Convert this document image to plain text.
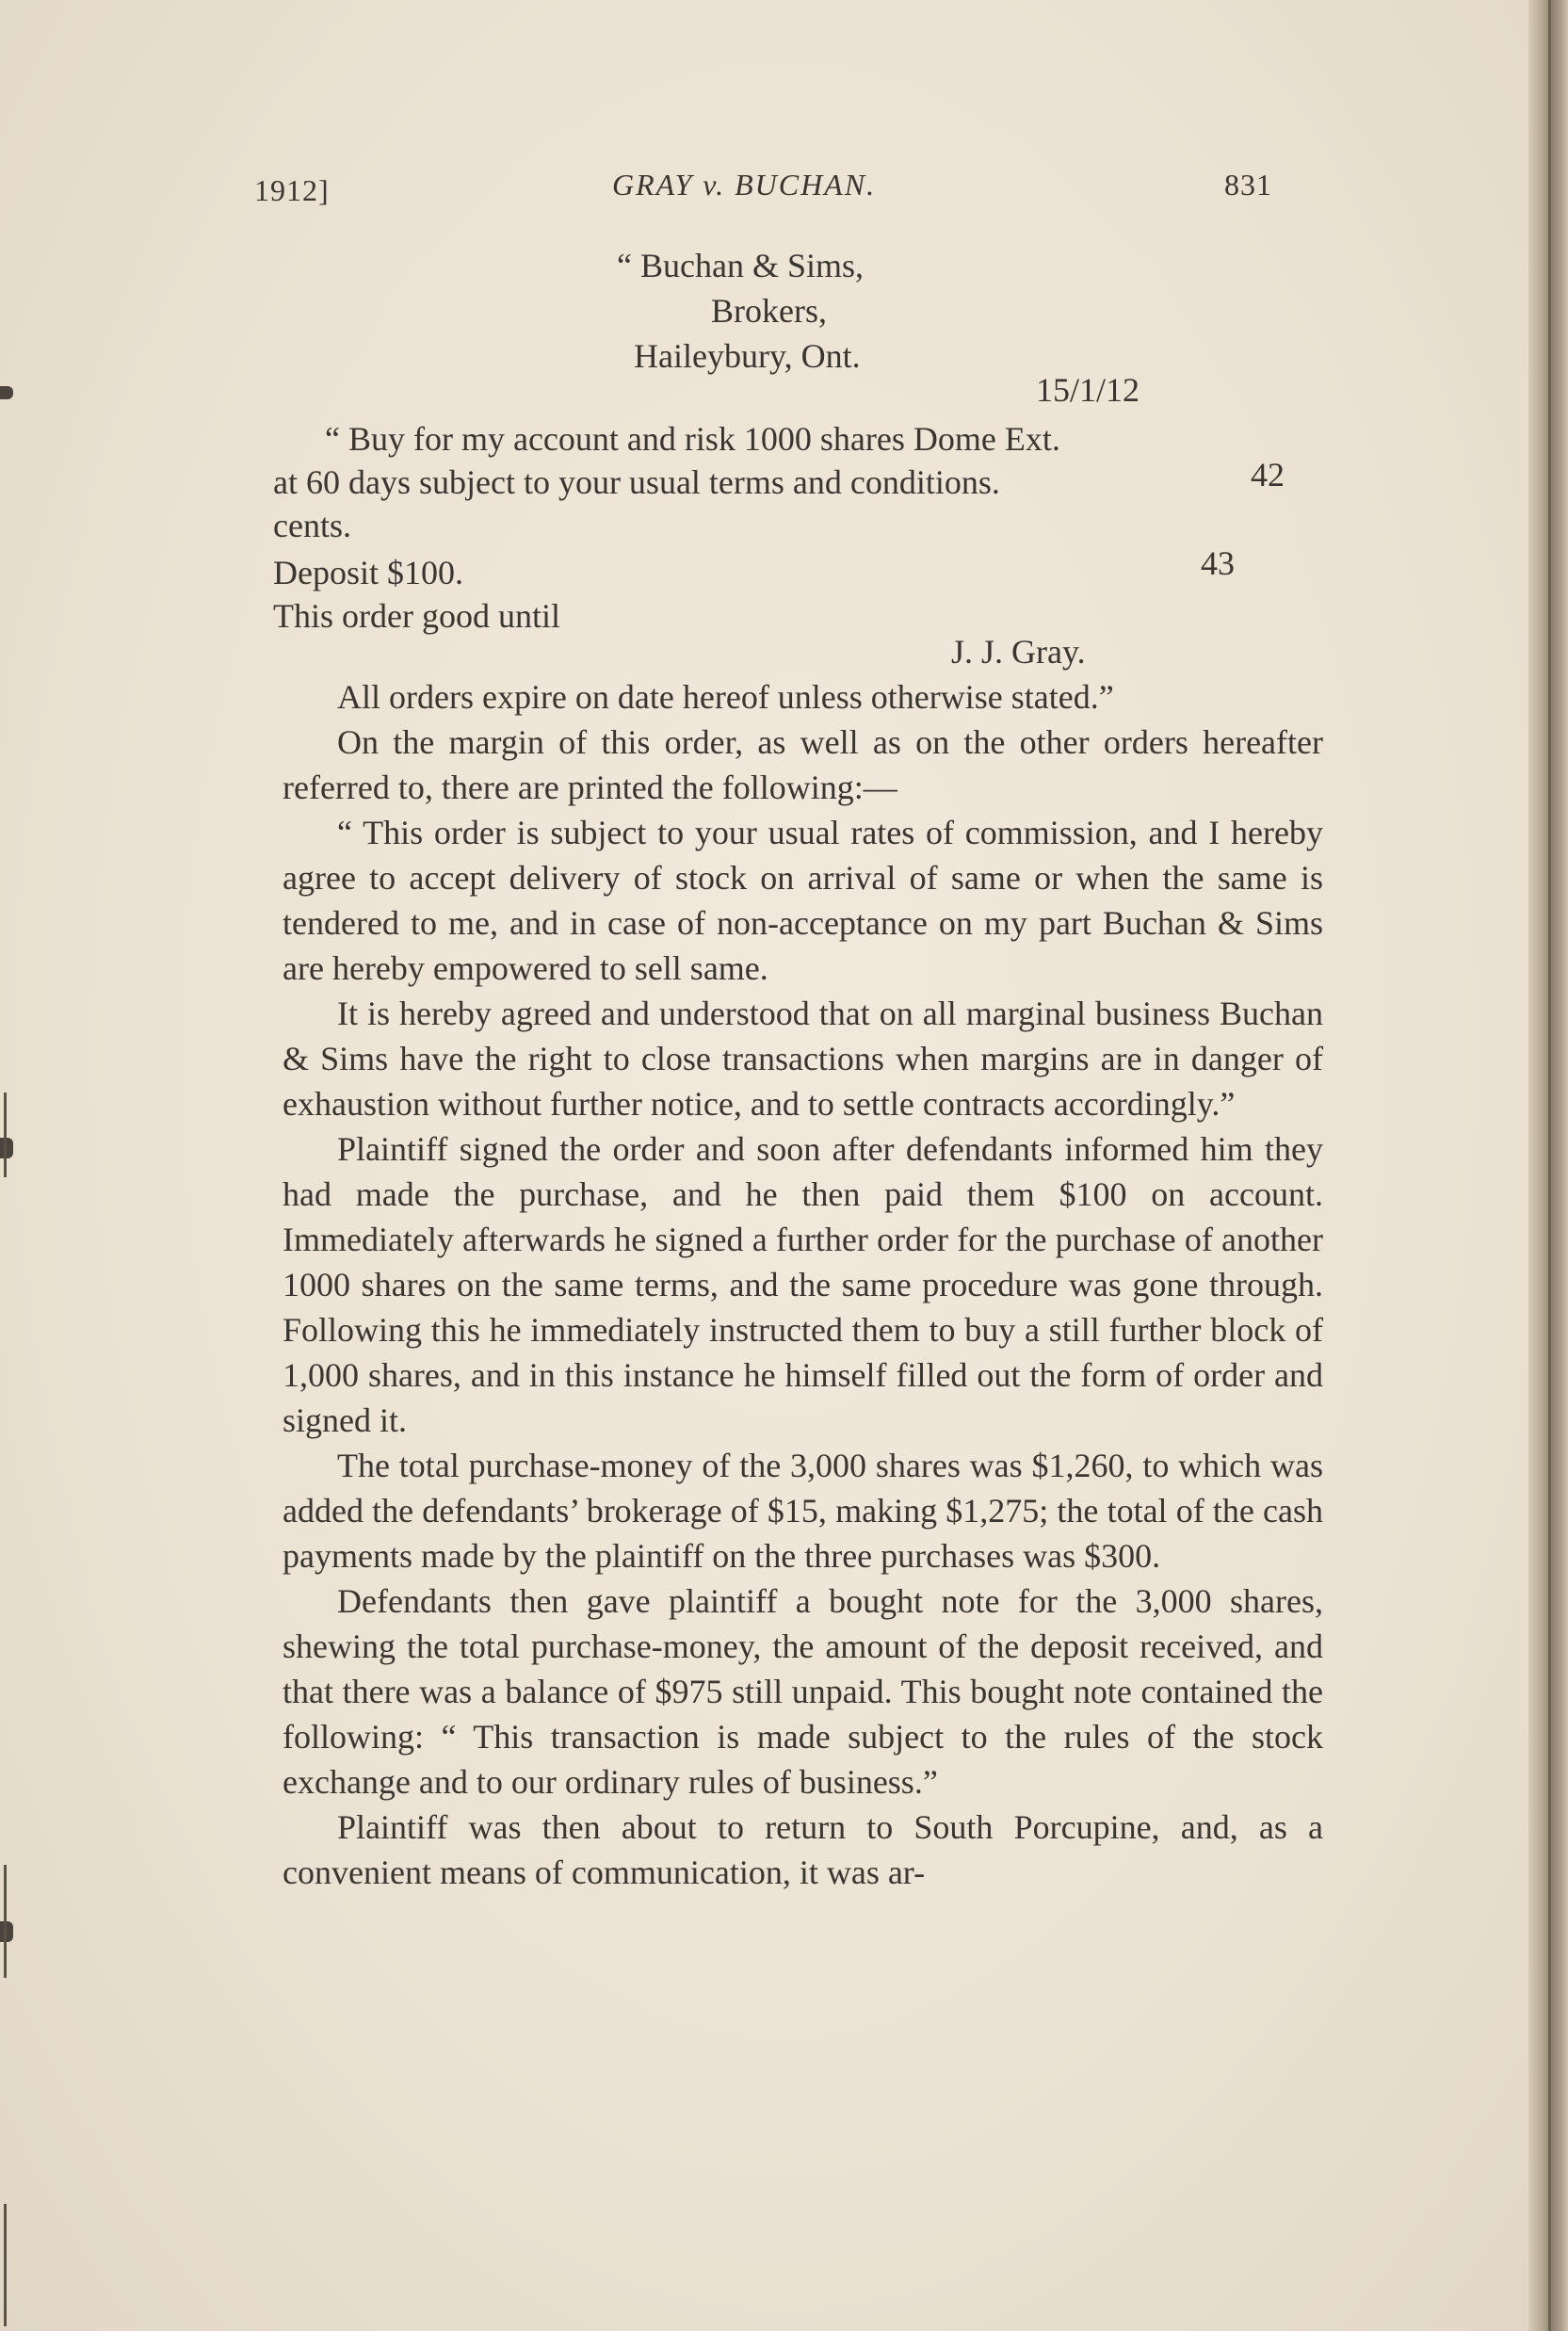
1912]	GRAY v. BUCHAN.	831
“ Buchan & Sims,
Brokers,
Haileybury, Ont.
15/1/12
“ Buy for my account and risk 1000 shares Dome Ext.
at 60 days subject to your usual terms and conditions.	42
cents.
Deposit $100.	43
This order good until
J. J. Gray.

All orders expire on date hereof unless otherwise stated.”

On the margin of this order, as well as on the other orders hereafter referred to, there are printed the following:—

“ This order is subject to your usual rates of commission, and I hereby agree to accept delivery of stock on arrival of same or when the same is tendered to me, and in case of non-acceptance on my part Buchan & Sims are hereby empowered to sell same.

It is hereby agreed and understood that on all marginal business Buchan & Sims have the right to close transactions when margins are in danger of exhaustion without further notice, and to settle contracts accordingly.”

Plaintiff signed the order and soon after defendants informed him they had made the purchase, and he then paid them $100 on account. Immediately afterwards he signed a further order for the purchase of another 1000 shares on the same terms, and the same procedure was gone through. Following this he immediately instructed them to buy a still further block of 1,000 shares, and in this instance he himself filled out the form of order and signed it.

The total purchase-money of the 3,000 shares was $1,260, to which was added the defendants’ brokerage of $15, making $1,275; the total of the cash payments made by the plaintiff on the three purchases was $300.

Defendants then gave plaintiff a bought note for the 3,000 shares, shewing the total purchase-money, the amount of the deposit received, and that there was a balance of $975 still unpaid. This bought note contained the following: “ This transaction is made subject to the rules of the stock exchange and to our ordinary rules of business.”

Plaintiff was then about to return to South Porcupine, and, as a convenient means of communication, it was ar-
